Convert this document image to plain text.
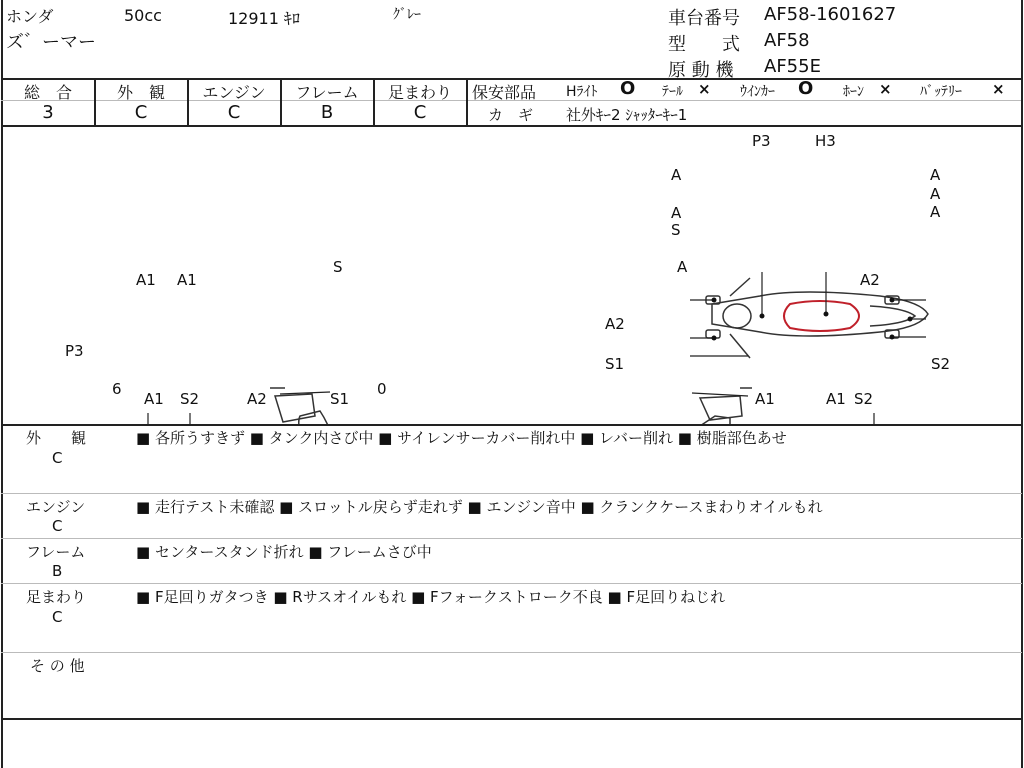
ホンダ	50cc	12911 ｷﾛ	ｸﾞﾚｰ
ズ゛ーマー
車台番号 AF58-1601627
型　　式 AF58
原 動 機 AF55E
総　合
3
外　観
C
エンジン
C
フレーム
B
足まわり
C
保安部品 Hﾗｲﾄ O ﾃｰﾙ × ｳｲﾝｶｰ O ﾎｰﾝ × ﾊﾞｯﾃﾘｰ ×
カ　ギ 社外ｷｰ2 ｼｬｯﾀｰｷｰ1
P3	H3
A
A
A
A
A
S
S
A1 A1
P3
6
A1 S2	A2	S1
0
A
A2
A2
S1	S2
A1	A1 S2
外　　観
C
■ 各所うすきず ■ タンク内さび中 ■ サイレンサーカバー削れ中 ■ レバー削れ ■ 樹脂部色あせ
エンジン
C
■ 走行テスト未確認 ■ スロットル戻らず走れず ■ エンジン音中 ■ クランクケースまわりオイルもれ
フレーム
B
■ センタースタンド折れ ■ フレームさび中
足まわり
C
■ F足回りガタつき ■ Rサスオイルもれ ■ Fフォークストローク不良 ■ F足回りねじれ
そ の 他
